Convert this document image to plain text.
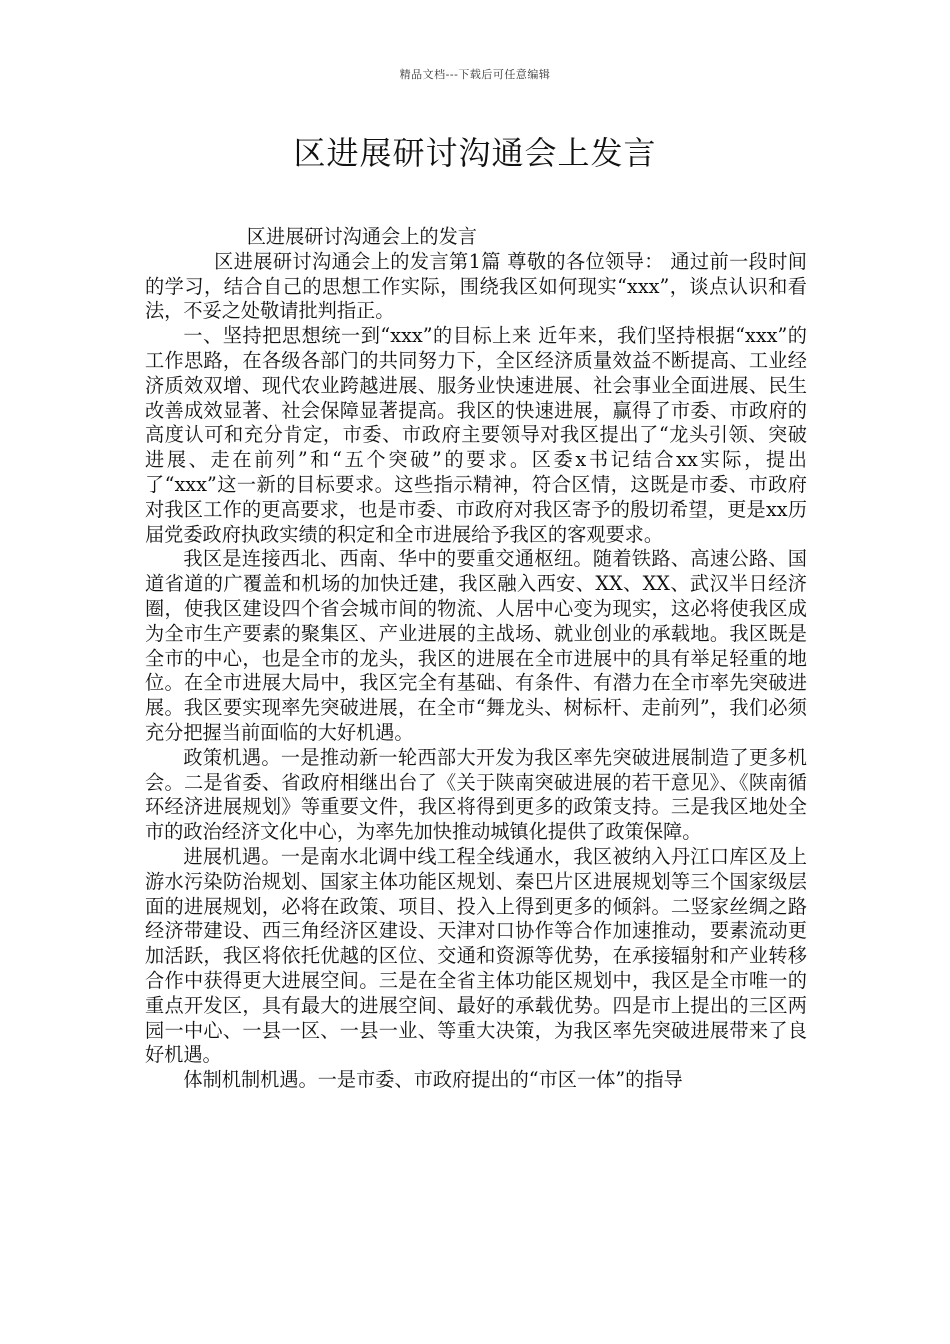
精品文档---下载后可任意编辑
区进展研讨沟通会上发言

区进展研讨沟通会上的发言

区进展研讨沟通会上的发言第1篇 尊敬的各位领导： 通过前一段时间的学习，结合自己的思想工作实际，围绕我区如何现实“xxx”，谈点认识和看法，不妥之处敬请批判指正。

一、坚持把思想统一到“xxx”的目标上来 近年来，我们坚持根据“xxx”的工作思路，在各级各部门的共同努力下，全区经济质量效益不断提高、工业经济质效双增、现代农业跨越进展、服务业快速进展、社会事业全面进展、民生改善成效显著、社会保障显著提高。我区的快速进展，赢得了市委、市政府的高度认可和充分肯定，市委、市政府主要领导对我区提出了“龙头引领、突破进展、走在前列”和“五个突破”的要求。区委x书记结合xx实际，提出了“xxx”这一新的目标要求。这些指示精神，符合区情，这既是市委、市政府对我区工作的更高要求，也是市委、市政府对我区寄予的殷切希望，更是xx历届党委政府执政实绩的积定和全市进展给予我区的客观要求。

我区是连接西北、西南、华中的要重交通枢纽。随着铁路、高速公路、国道省道的广覆盖和机场的加快迁建，我区融入西安、XX、XX、武汉半日经济圈，使我区建设四个省会城市间的物流、人居中心变为现实，这必将使我区成为全市生产要素的聚集区、产业进展的主战场、就业创业的承载地。我区既是全市的中心，也是全市的龙头，我区的进展在全市进展中的具有举足轻重的地位。在全市进展大局中，我区完全有基础、有条件、有潜力在全市率先突破进展。我区要实现率先突破进展，在全市“舞龙头、树标杆、走前列”，我们必须充分把握当前面临的大好机遇。

政策机遇。一是推动新一轮西部大开发为我区率先突破进展制造了更多机会。二是省委、省政府相继出台了《关于陕南突破进展的若干意见》、《陕南循环经济进展规划》等重要文件，我区将得到更多的政策支持。三是我区地处全市的政治经济文化中心，为率先加快推动城镇化提供了政策保障。

进展机遇。一是南水北调中线工程全线通水，我区被纳入丹江口库区及上游水污染防治规划、国家主体功能区规划、秦巴片区进展规划等三个国家级层面的进展规划，必将在政策、项目、投入上得到更多的倾斜。二竖家丝绸之路经济带建设、西三角经济区建设、天津对口协作等合作加速推动，要素流动更加活跃，我区将依托优越的区位、交通和资源等优势，在承接辐射和产业转移合作中获得更大进展空间。三是在全省主体功能区规划中，我区是全市唯一的重点开发区，具有最大的进展空间、最好的承载优势。四是市上提出的三区两园一中心、一县一区、一县一业、等重大决策，为我区率先突破进展带来了良好机遇。

体制机制机遇。一是市委、市政府提出的“市区一体”的指导
